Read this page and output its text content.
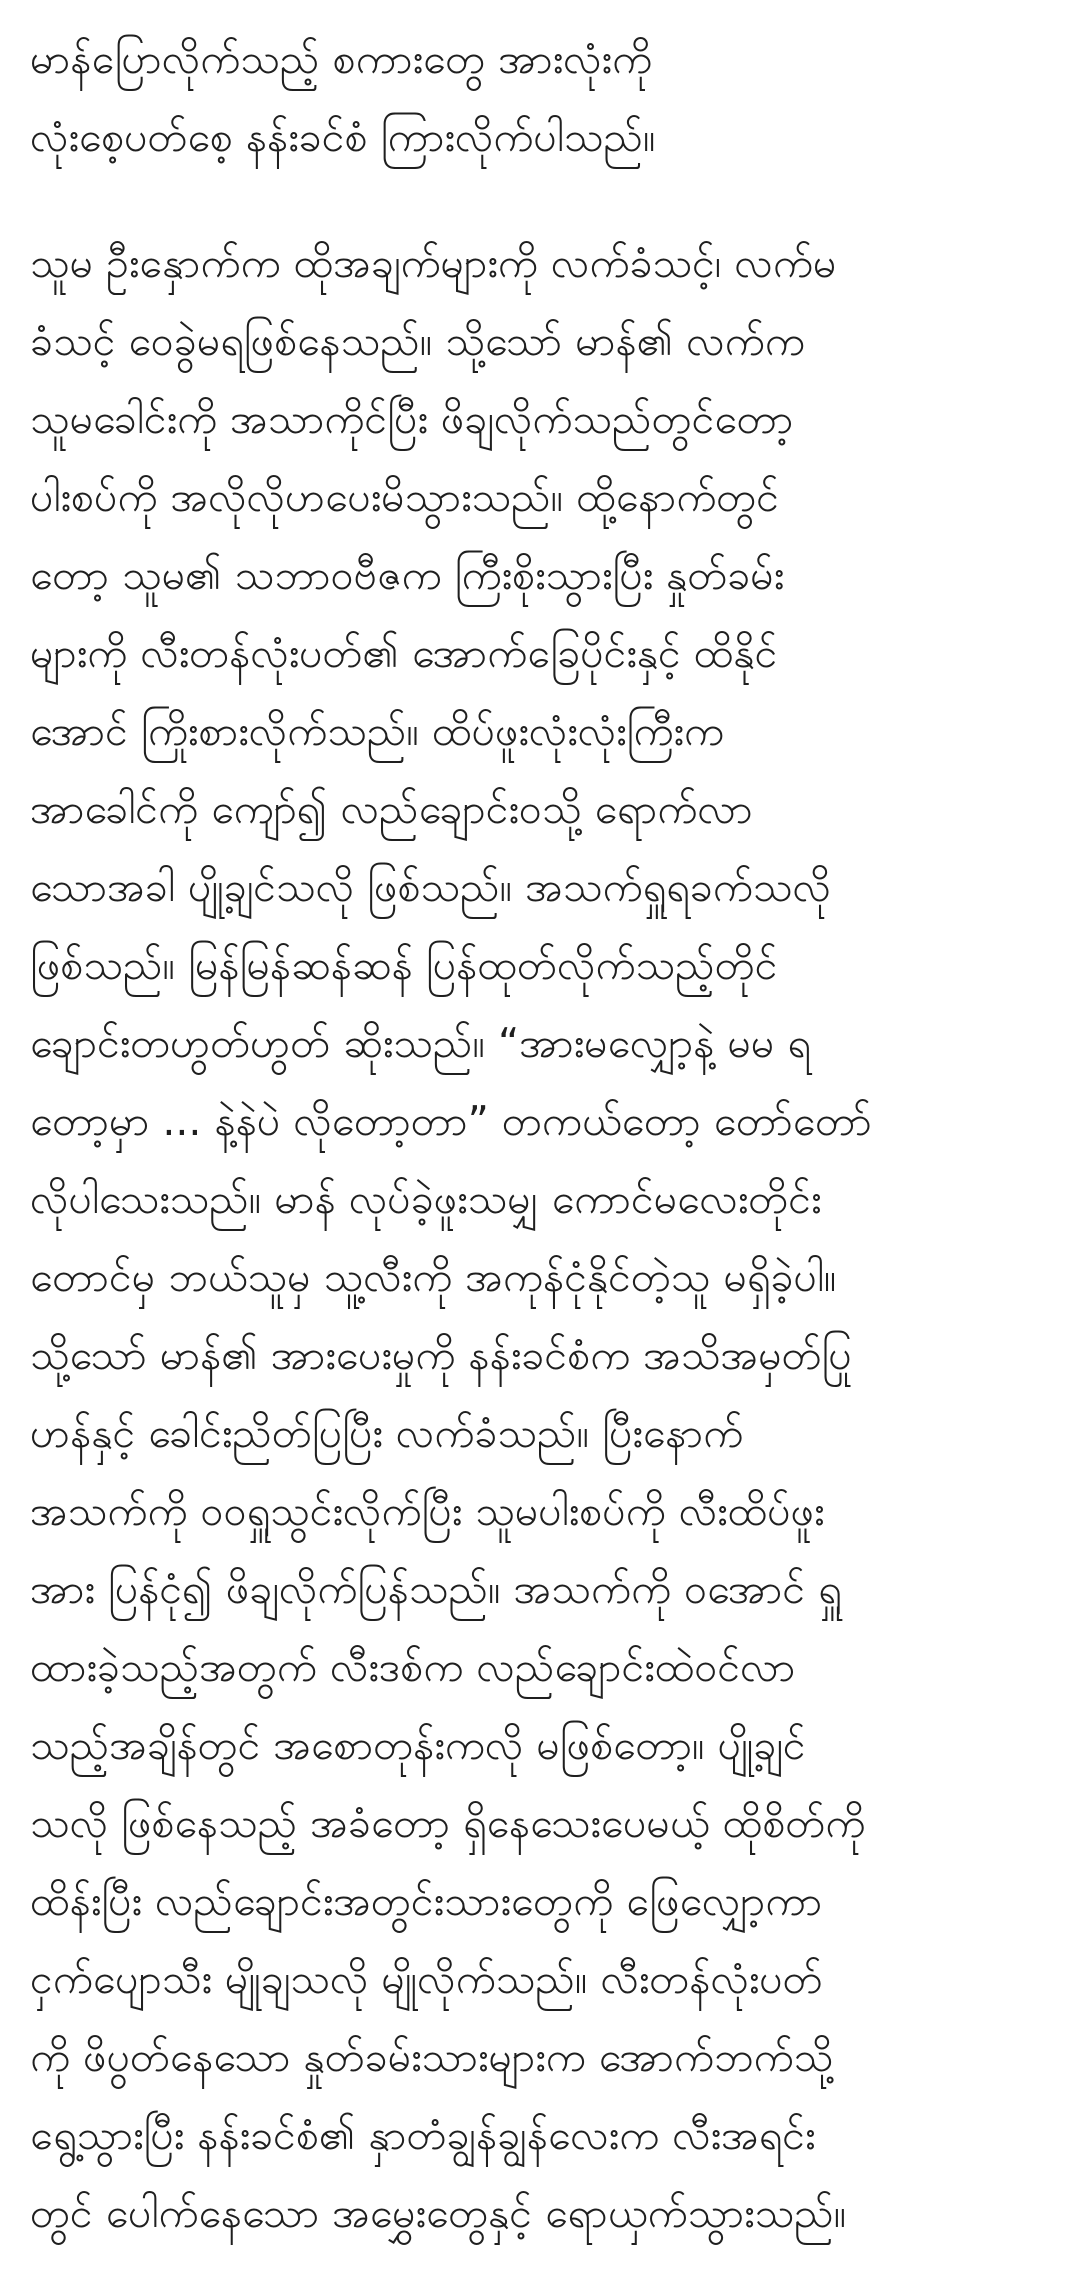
မာန်ပြောလိုက်သည့် စကားတွေ အားလုံးကို
လုံးစေ့ပတ်စေ့ နန်းခင်စံ ကြားလိုက်ပါသည်။
သူမ ဦးနှောက်က ထိုအချက်များကို လက်ခံသင့်၊ လက်မ
ခံသင့် ဝေခွဲမရဖြစ်နေသည်။ သို့သော် မာန်၏ လက်က
သူမခေါင်းကို အသာကိုင်ပြီး ဖိချလိုက်သည်တွင်တော့
ပါးစပ်ကို အလိုလိုဟပေးမိသွားသည်။ ထို့နောက်တွင်
တော့ သူမ၏ သဘာဝဗီဇက ကြီးစိုးသွားပြီး နှုတ်ခမ်း
များကို လီးတန်လုံးပတ်၏ အောက်ခြေပိုင်းနှင့် ထိနိုင်
အောင် ကြိုးစားလိုက်သည်။ ထိပ်ဖူးလုံးလုံးကြီးက
အာခေါင်ကို ကျော်၍ လည်ချောင်းဝသို့ ရောက်လာ
သောအခါ ပျို့ချင်သလို ဖြစ်သည်။ အသက်ရှူရခက်သလို
ဖြစ်သည်။ မြန်မြန်ဆန်ဆန် ပြန်ထုတ်လိုက်သည့်တိုင်
ချောင်းတဟွတ်ဟွတ် ဆိုးသည်။ “အားမလျှော့နဲ့ မမ ရ
တော့မှာ ... နဲ့နဲပဲ လိုတော့တာ” တကယ်တော့ တော်တော်
လိုပါသေးသည်။ မာန် လုပ်ခဲ့ဖူးသမျှ ကောင်မလေးတိုင်း
တောင်မှ ဘယ်သူမှ သူ့လီးကို အကုန်ငုံနိုင်တဲ့သူ မရှိခဲ့ပါ။
သို့သော် မာန်၏ အားပေးမှုကို နန်းခင်စံက အသိအမှတ်ပြု
ဟန်နှင့် ခေါင်းညိတ်ပြပြီး လက်ခံသည်။ ပြီးနောက်
အသက်ကို ဝဝရှူသွင်းလိုက်ပြီး သူမပါးစပ်ကို လီးထိပ်ဖူး
အား ပြန်ငုံ၍ ဖိချလိုက်ပြန်သည်။ အသက်ကို ဝအောင် ရှူ
ထားခဲ့သည့်အတွက် လီးဒစ်က လည်ချောင်းထဲဝင်လာ
သည့်အချိန်တွင် အစောတုန်းကလို မဖြစ်တော့။ ပျို့ချင်
သလို ဖြစ်နေသည့် အခံတော့ ရှိနေသေးပေမယ့် ထိုစိတ်ကို
ထိန်းပြီး လည်ချောင်းအတွင်းသားတွေကို ဖြေလျှော့ကာ
ငှက်ပျောသီး မျိုချသလို မျိုလိုက်သည်။ လီးတန်လုံးပတ်
ကို ဖိပွတ်နေသော နှုတ်ခမ်းသားများက အောက်ဘက်သို့
ရွေ့သွားပြီး နန်းခင်စံ၏ နှာတံချွန်ချွန်လေးက လီးအရင်း
တွင် ပေါက်နေသော အမွှေးတွေနှင့် ရောယှက်သွားသည်။
